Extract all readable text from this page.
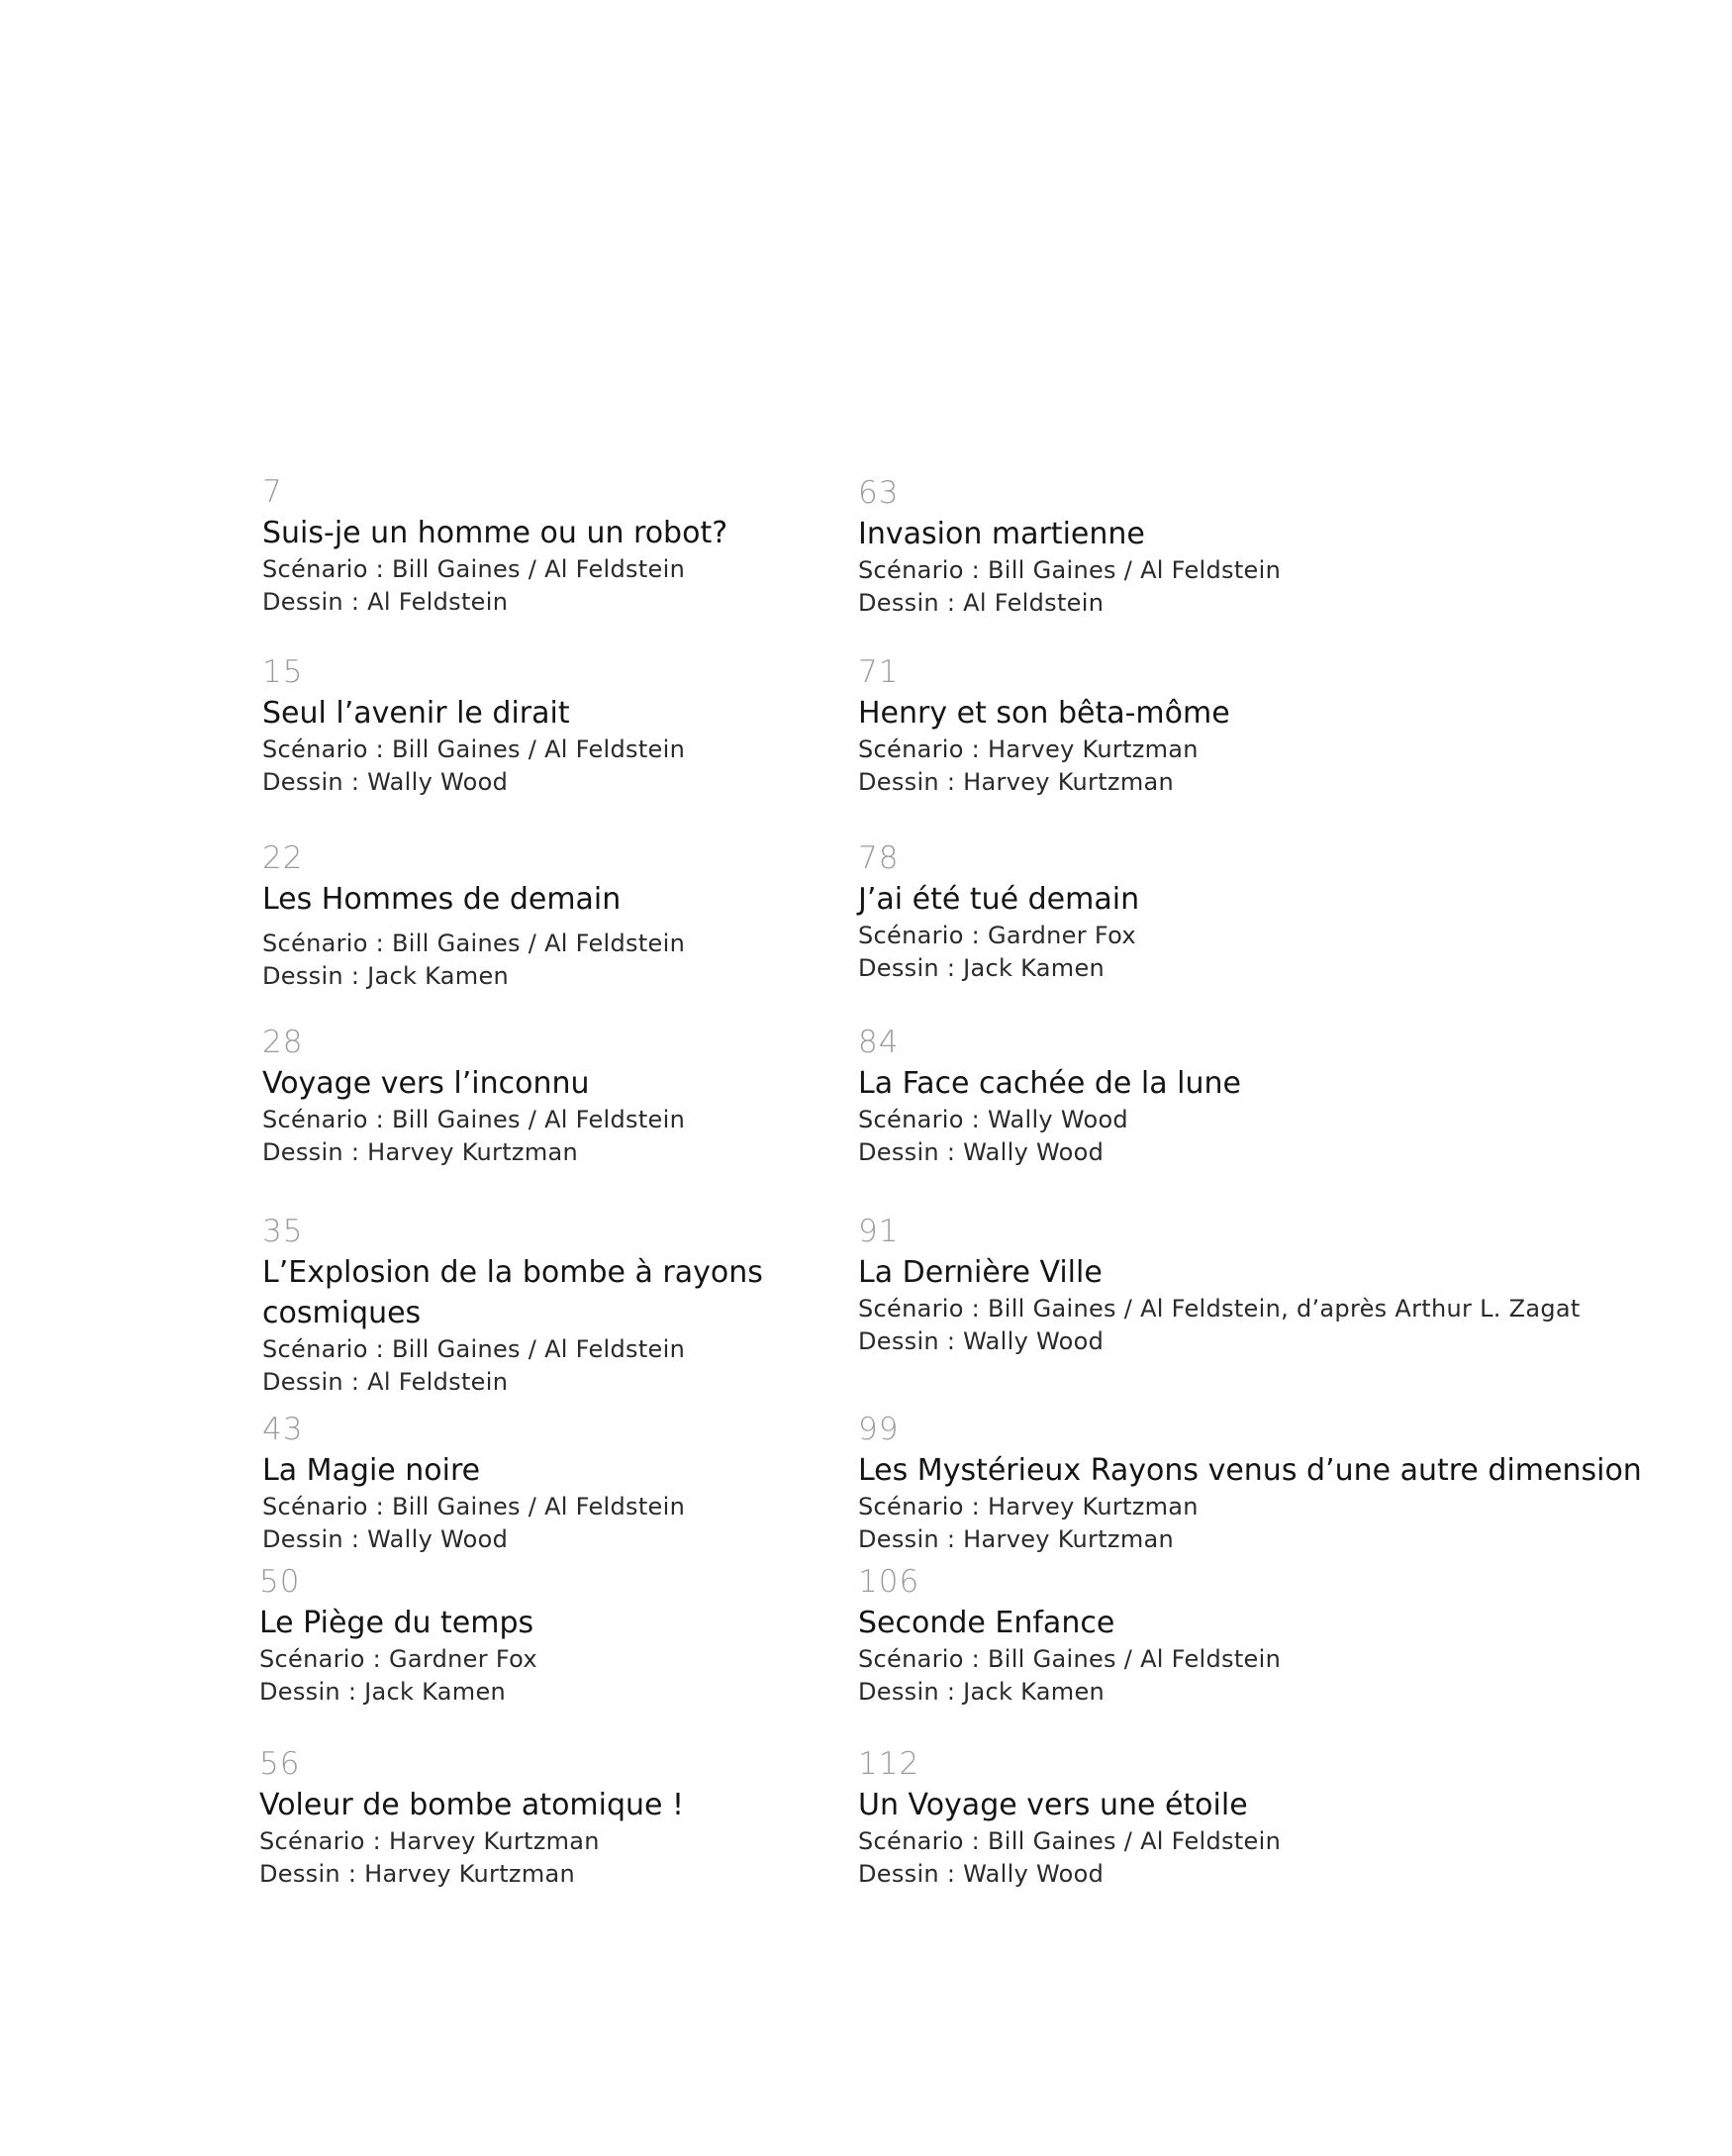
7
Suis-je un homme ou un robot?
Scénario : Bill Gaines / Al Feldstein
Dessin : Al Feldstein
15
Seul l’avenir le dirait
Scénario : Bill Gaines / Al Feldstein
Dessin : Wally Wood
22
Les Hommes de demain
Scénario : Bill Gaines / Al Feldstein
Dessin : Jack Kamen
28
Voyage vers l’inconnu
Scénario : Bill Gaines / Al Feldstein
Dessin : Harvey Kurtzman
35
L’Explosion de la bombe à rayons cosmiques
Scénario : Bill Gaines / Al Feldstein
Dessin : Al Feldstein
43
La Magie noire
Scénario : Bill Gaines / Al Feldstein
Dessin : Wally Wood
50
Le Piège du temps
Scénario : Gardner Fox
Dessin : Jack Kamen
56
Voleur de bombe atomique !
Scénario : Harvey Kurtzman
Dessin : Harvey Kurtzman
63
Invasion martienne
Scénario : Bill Gaines / Al Feldstein
Dessin : Al Feldstein
71
Henry et son bêta-môme
Scénario : Harvey Kurtzman
Dessin : Harvey Kurtzman
78
J’ai été tué demain
Scénario : Gardner Fox
Dessin : Jack Kamen
84
La Face cachée de la lune
Scénario : Wally Wood
Dessin : Wally Wood
91
La Dernière Ville
Scénario : Bill Gaines / Al Feldstein, d’après Arthur L. Zagat
Dessin : Wally Wood
99
Les Mystérieux Rayons venus d’une autre dimension
Scénario : Harvey Kurtzman
Dessin : Harvey Kurtzman
106
Seconde Enfance
Scénario : Bill Gaines / Al Feldstein
Dessin : Jack Kamen
112
Un Voyage vers une étoile
Scénario : Bill Gaines / Al Feldstein
Dessin : Wally Wood
